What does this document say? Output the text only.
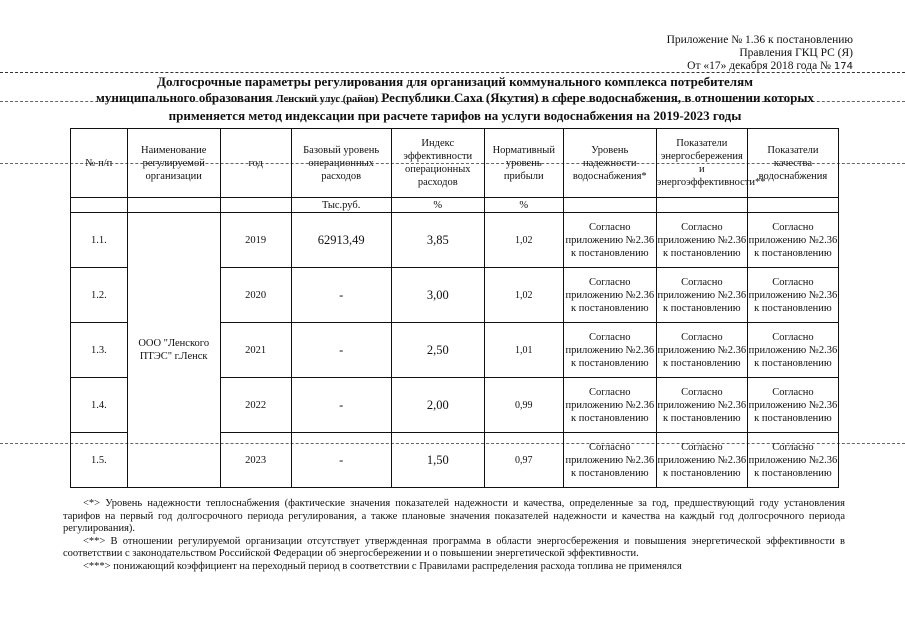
Приложение № 1.36 к постановлению
Правления ГКЦ РС (Я)
От «17» декабря 2018 года № 174
Долгосрочные параметры регулирования для организаций коммунального комплекса потребителям
муниципального образования Ленский улус (район) Республики Саха (Якутия) в сфере водоснабжения, в отношении которых
применяется метод индексации при расчете тарифов на услуги водоснабжения на 2019-2023 годы
№ п/п	Наименование регулируемой организации	год	Базовый уровень операционных расходов	Индекс эффективности операционных расходов	Нормативный уровень прибыли	Уровень надежности водоснабжения*	Показатели энергосбережения и энергоэффективности**	Показатели качества водоснабжения
			Тыс.руб.	%	%			
1.1.	ООО "Ленского ПТЭС" г.Ленск	2019	62913,49	3,85	1,02	Согласно приложению №2.36 к постановлению	Согласно приложению №2.36 к постановлению	Согласно приложению №2.36 к постановлению
1.2.		2020	-	3,00	1,02	Согласно приложению №2.36 к постановлению	Согласно приложению №2.36 к постановлению	Согласно приложению №2.36 к постановлению
1.3.		2021	-	2,50	1,01	Согласно приложению №2.36 к постановлению	Согласно приложению №2.36 к постановлению	Согласно приложению №2.36 к постановлению
1.4.		2022	-	2,00	0,99	Согласно приложению №2.36 к постановлению	Согласно приложению №2.36 к постановлению	Согласно приложению №2.36 к постановлению
1.5.		2023	-	1,50	0,97	Согласно приложению №2.36 к постановлению	Согласно приложению №2.36 к постановлению	Согласно приложению №2.36 к постановлению

<*> Уровень надежности теплоснабжения (фактические значения показателей надежности и качества, определенные за год, предшествующий году установления тарифов на первый год долгосрочного периода регулирования, а также плановые значения показателей надежности и качества на каждый год долгосрочного периода регулирования).

<**> В отношении регулируемой организации отсутствует утвержденная программа в области энергосбережения и повышения энергетической эффективности в соответствии с законодательством Российской Федерации об энергосбережении и о повышении энергетической эффективности.

<***> понижающий коэффициент на переходный период в соответствии с Правилами распределения расхода топлива не применялся
